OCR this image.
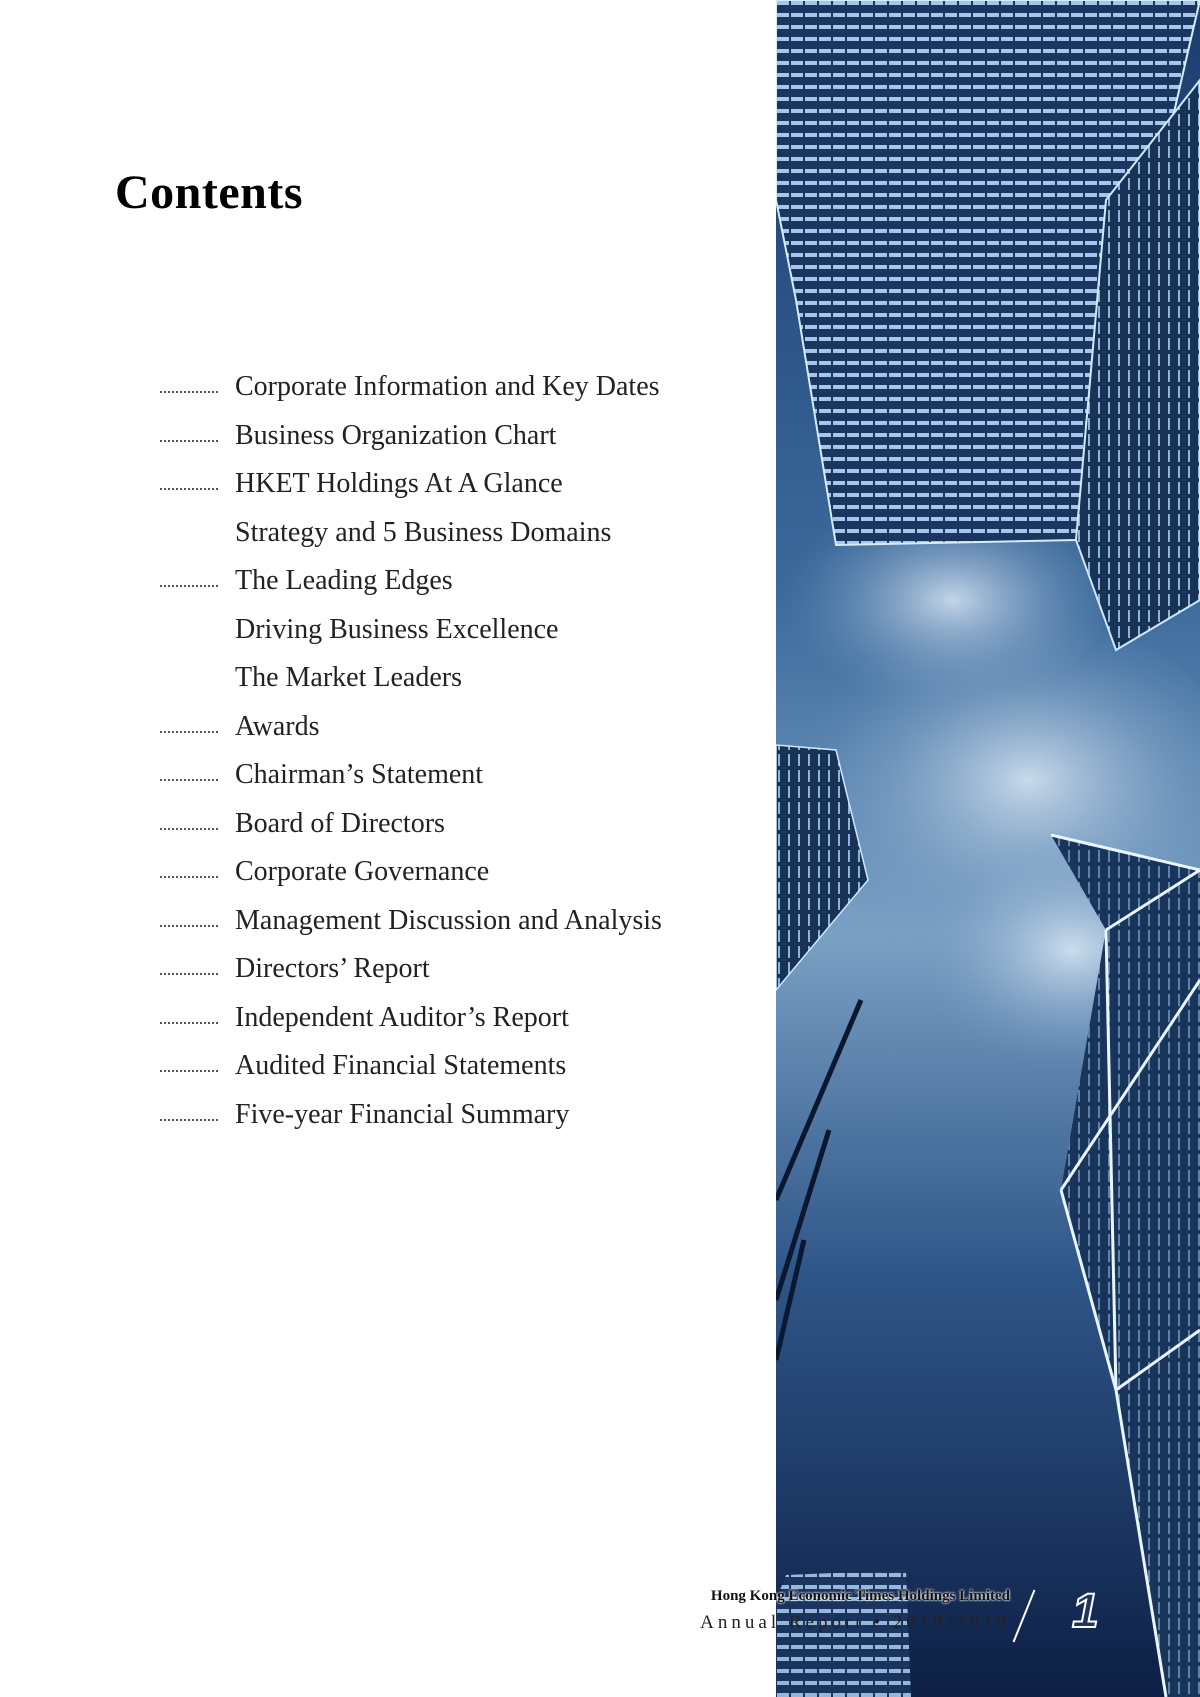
Contents
Corporate Information and Key Dates
Business Organization Chart
HKET Holdings At A Glance
Strategy and 5 Business Domains
The Leading Edges
Driving Business Excellence
The Market Leaders
Awards
Chairman’s Statement
Board of Directors
Corporate Governance
Management Discussion and Analysis
Directors’ Report
Independent Auditor’s Report
Audited Financial Statements
Five-year Financial Summary
Hong Kong Economic Times Holdings Limited
Annual Report • 2018/2019 1
